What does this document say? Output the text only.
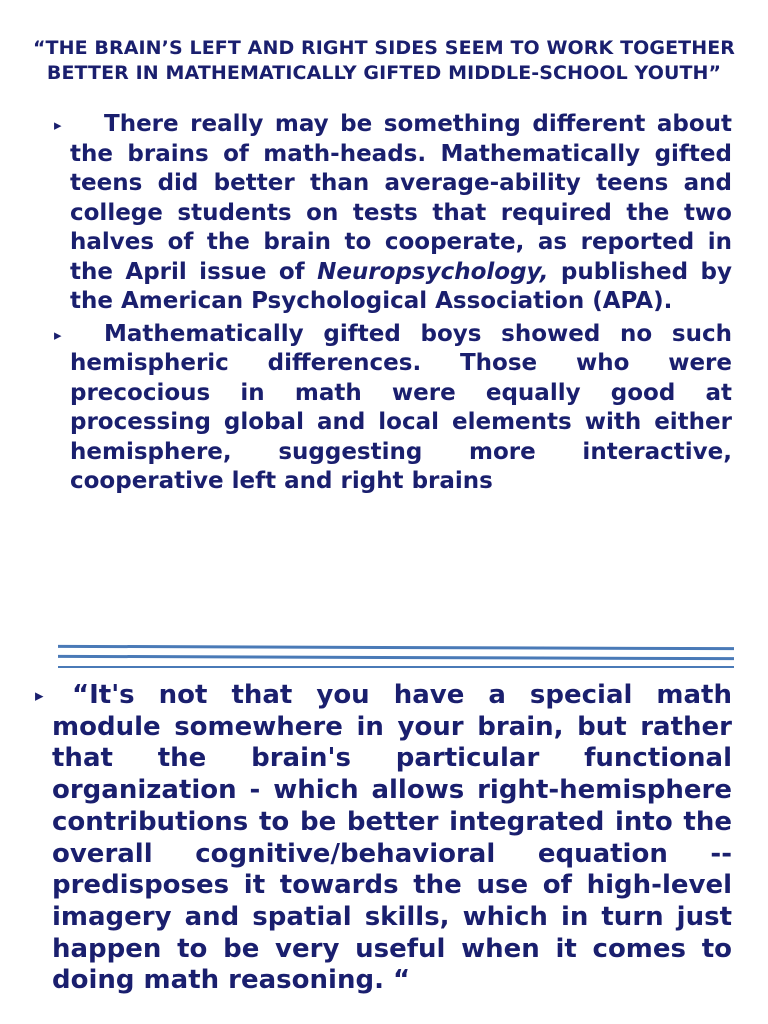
“THE BRAIN’S LEFT AND RIGHT SIDES SEEM TO WORK TOGETHER BETTER IN MATHEMATICALLY GIFTED MIDDLE-SCHOOL YOUTH”
▸ There really may be something different about the brains of math-heads. Mathematically gifted teens did better than average-ability teens and college students on tests that required the two halves of the brain to cooperate, as reported in the April issue of Neuropsychology, published by the American Psychological Association (APA).
▸ Mathematically gifted boys showed no such hemispheric differences. Those who were precocious in math were equally good at processing global and local elements with either hemisphere, suggesting more interactive, cooperative left and right brains
▸ “It's not that you have a special math module somewhere in your brain, but rather that the brain's particular functional organization - which allows right-hemisphere contributions to be better integrated into the overall cognitive/behavioral equation -- predisposes it towards the use of high-level imagery and spatial skills, which in turn just happen to be very useful when it comes to doing math reasoning. “
